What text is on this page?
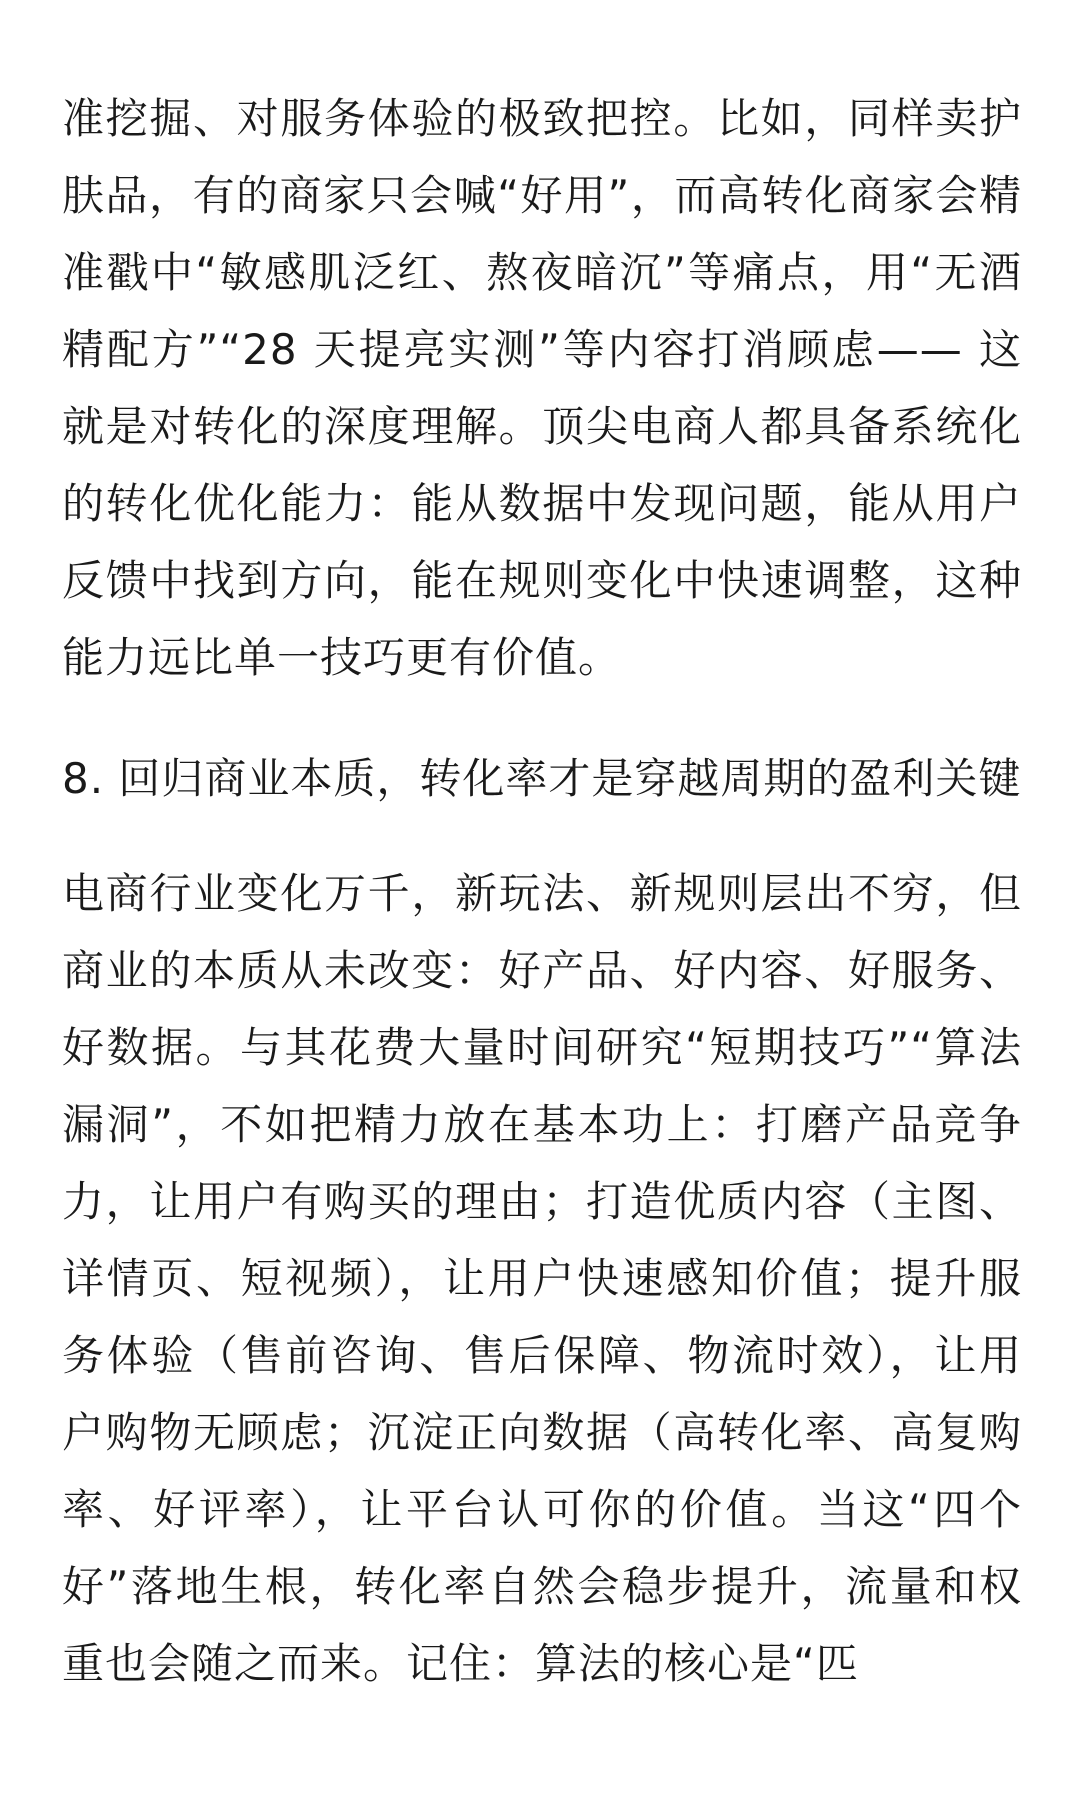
准挖掘、对服务体验的极致把控。比如，同样卖护肤品，有的商家只会喊“好用”，而高转化商家会精准戳中“敏感肌泛红、熬夜暗沉”等痛点，用“无酒精配方”“28 天提亮实测”等内容打消顾虑—— 这就是对转化的深度理解。顶尖电商人都具备系统化的转化优化能力：能从数据中发现问题，能从用户反馈中找到方向，能在规则变化中快速调整，这种能力远比单一技巧更有价值。

8. 回归商业本质，转化率才是穿越周期的盈利关键

电商行业变化万千，新玩法、新规则层出不穷，但商业的本质从未改变：好产品、好内容、好服务、好数据。与其花费大量时间研究“短期技巧”“算法漏洞”，不如把精力放在基本功上：打磨产品竞争力，让用户有购买的理由；打造优质内容（主图、详情页、短视频），让用户快速感知价值；提升服务体验（售前咨询、售后保障、物流时效），让用户购物无顾虑；沉淀正向数据（高转化率、高复购率、好评率），让平台认可你的价值。当这“四个好”落地生根，转化率自然会稳步提升，流量和权重也会随之而来。记住：算法的核心是“匹
